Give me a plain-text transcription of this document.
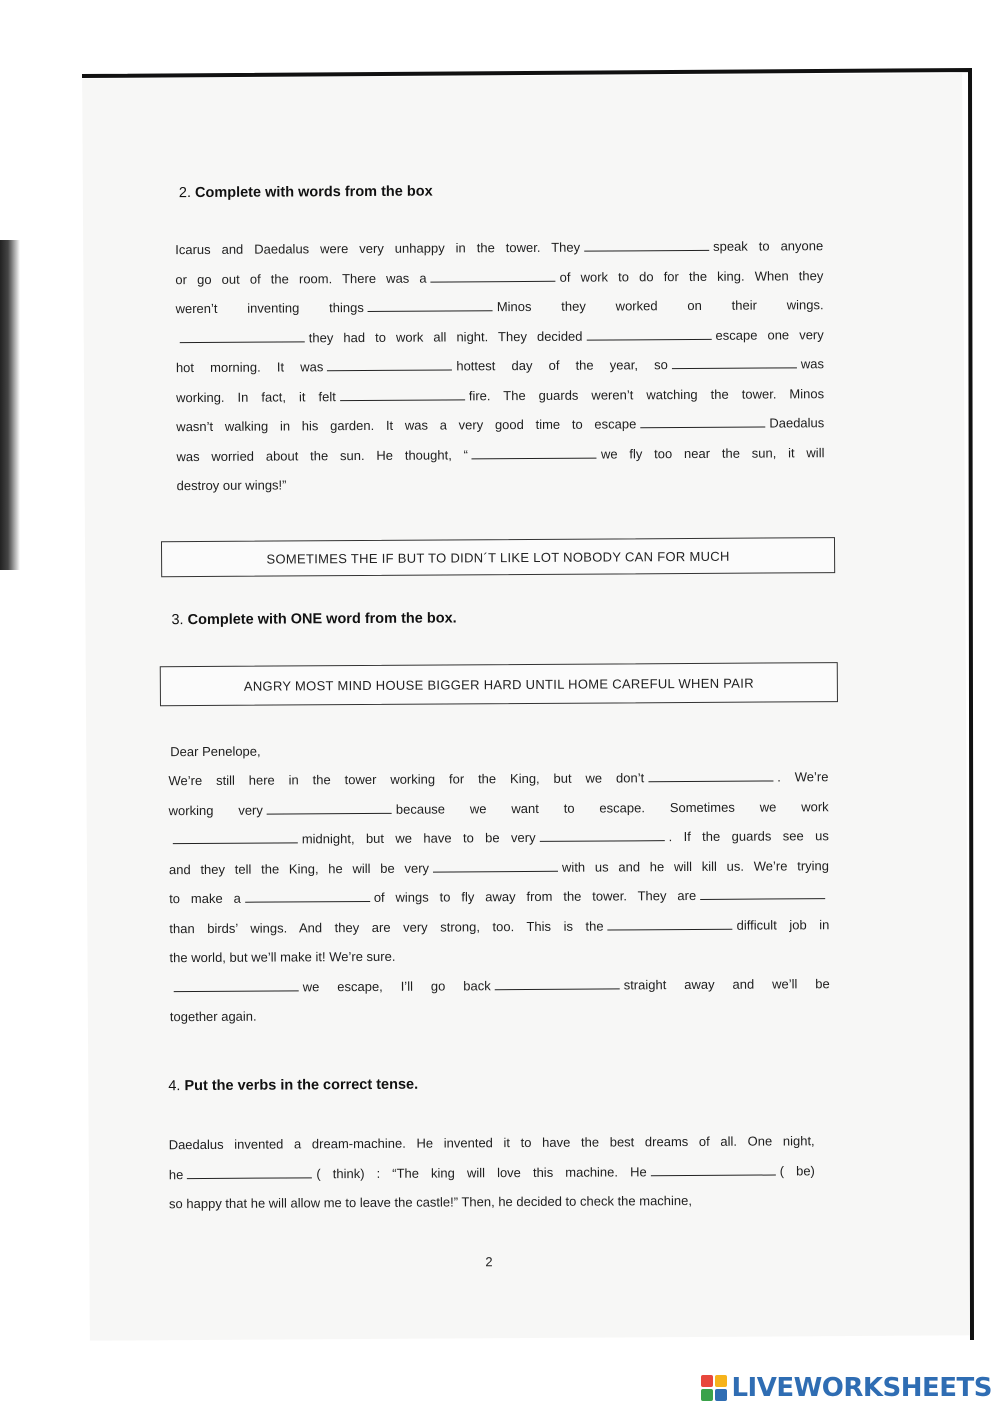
2. Complete with words from the box
Icarus and Daedalus were very unhappy in the tower. They	speak to anyone
or go out of the room. There was a	of work to do for the king. When they
weren’t inventing things	Minos they worked on their wings.
they had to work all night. They decided	escape one very
hot morning. It was	hottest day of the year, so	was
working. In fact, it felt	fire. The guards weren’t watching the tower. Minos
wasn’t walking in his garden. It was a very good time to escape	Daedalus
was worried about the sun. He thought, “	we fly too near the sun, it will
destroy our wings!”
SOMETIMES THE IF BUT TO DIDN´T LIKE LOT NOBODY CAN FOR MUCH
3. Complete with ONE word from the box.
ANGRY MOST MIND HOUSE BIGGER HARD UNTIL HOME CAREFUL WHEN PAIR
Dear Penelope,
We’re still here in the tower working for the King, but we don’t	. We’re
working very	because we want to escape. Sometimes we work
midnight, but we have to be very	. If the guards see us
and they tell the King, he will be very	with us and he will kill us. We’re trying
to make a	of wings to fly away from the tower. They are
than birds’ wings. And they are very strong, too. This is the	difficult job in
the world, but we’ll make it! We’re sure.
we escape, I’ll go back	straight away and we’ll be
together again.
4. Put the verbs in the correct tense.
Daedalus invented a dream-machine. He invented it to have the best dreams of all. One night,
he	( think) : “The king will love this machine. He	( be)
so happy that he will allow me to leave the castle!” Then, he decided to check the machine,
2
LIVEWORKSHEETS
